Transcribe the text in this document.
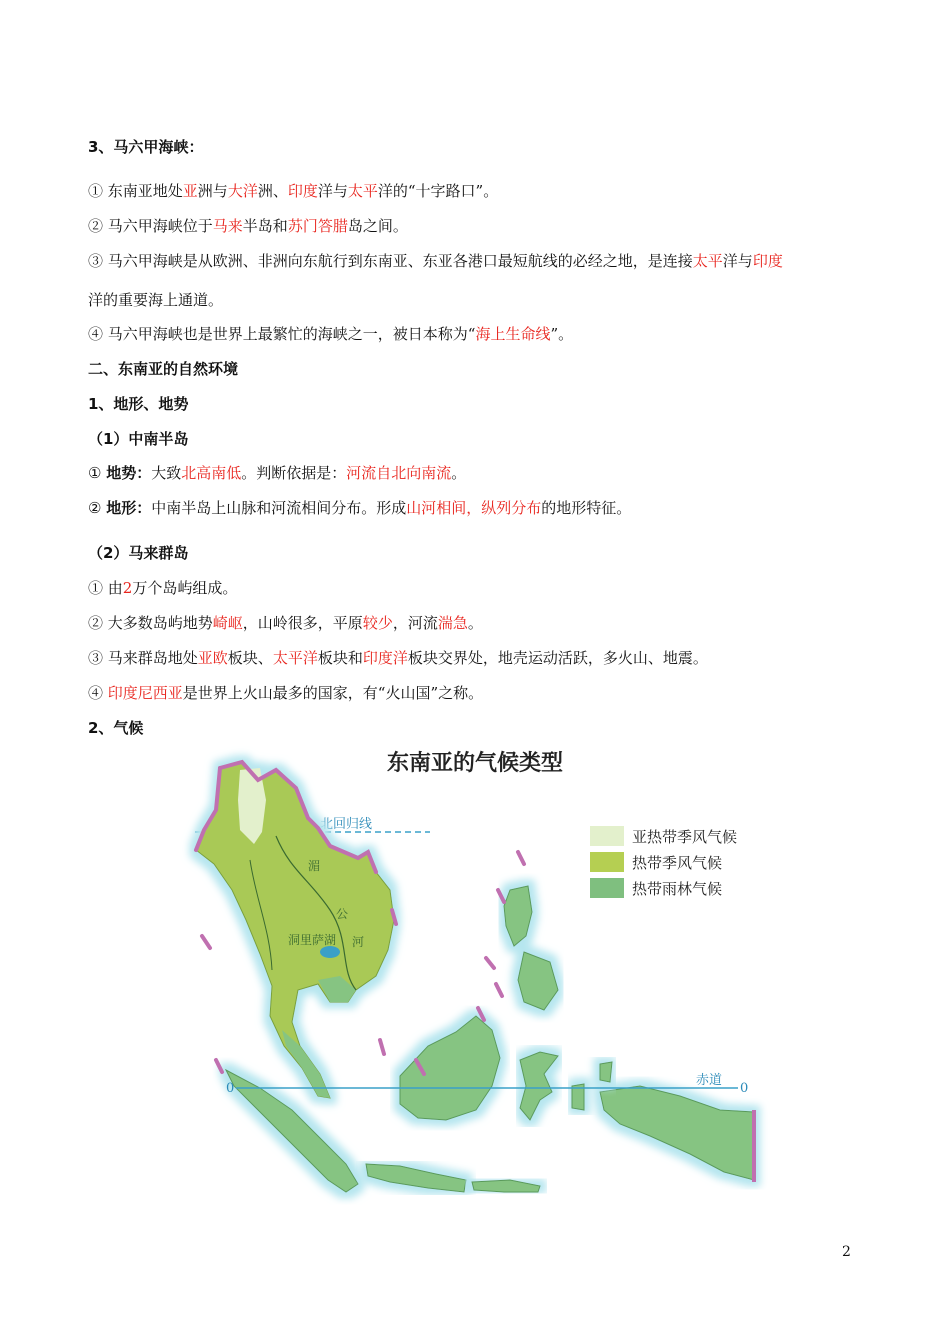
3、马六甲海峡：
① 东南亚地处亚洲与大洋洲、印度洋与太平洋的“十字路口”。
② 马六甲海峡位于马来半岛和苏门答腊岛之间。
③ 马六甲海峡是从欧洲、非洲向东航行到东南亚、东亚各港口最短航线的必经之地，是连接太平洋与印度
洋的重要海上通道。
④ 马六甲海峡也是世界上最繁忙的海峡之一，被日本称为“海上生命线”。
二、东南亚的自然环境
1、地形、地势
（1）中南半岛
① 地势：大致北高南低。判断依据是：河流自北向南流。
② 地形：中南半岛上山脉和河流相间分布。形成山河相间，纵列分布的地形特征。
（2）马来群岛
① 由2万个岛屿组成。
② 大多数岛屿地势崎岖，山岭很多，平原较少，河流湍急。
③ 马来群岛地处亚欧板块、太平洋板块和印度洋板块交界处，地壳运动活跃，多火山、地震。
④ 印度尼西亚是世界上火山最多的国家，有“火山国”之称。
2、气候
东南亚的气候类型
北回归线
湄
公
河
洞里萨湖
0	0
赤道
亚热带季风气候
热带季风气候
热带雨林气候
2
